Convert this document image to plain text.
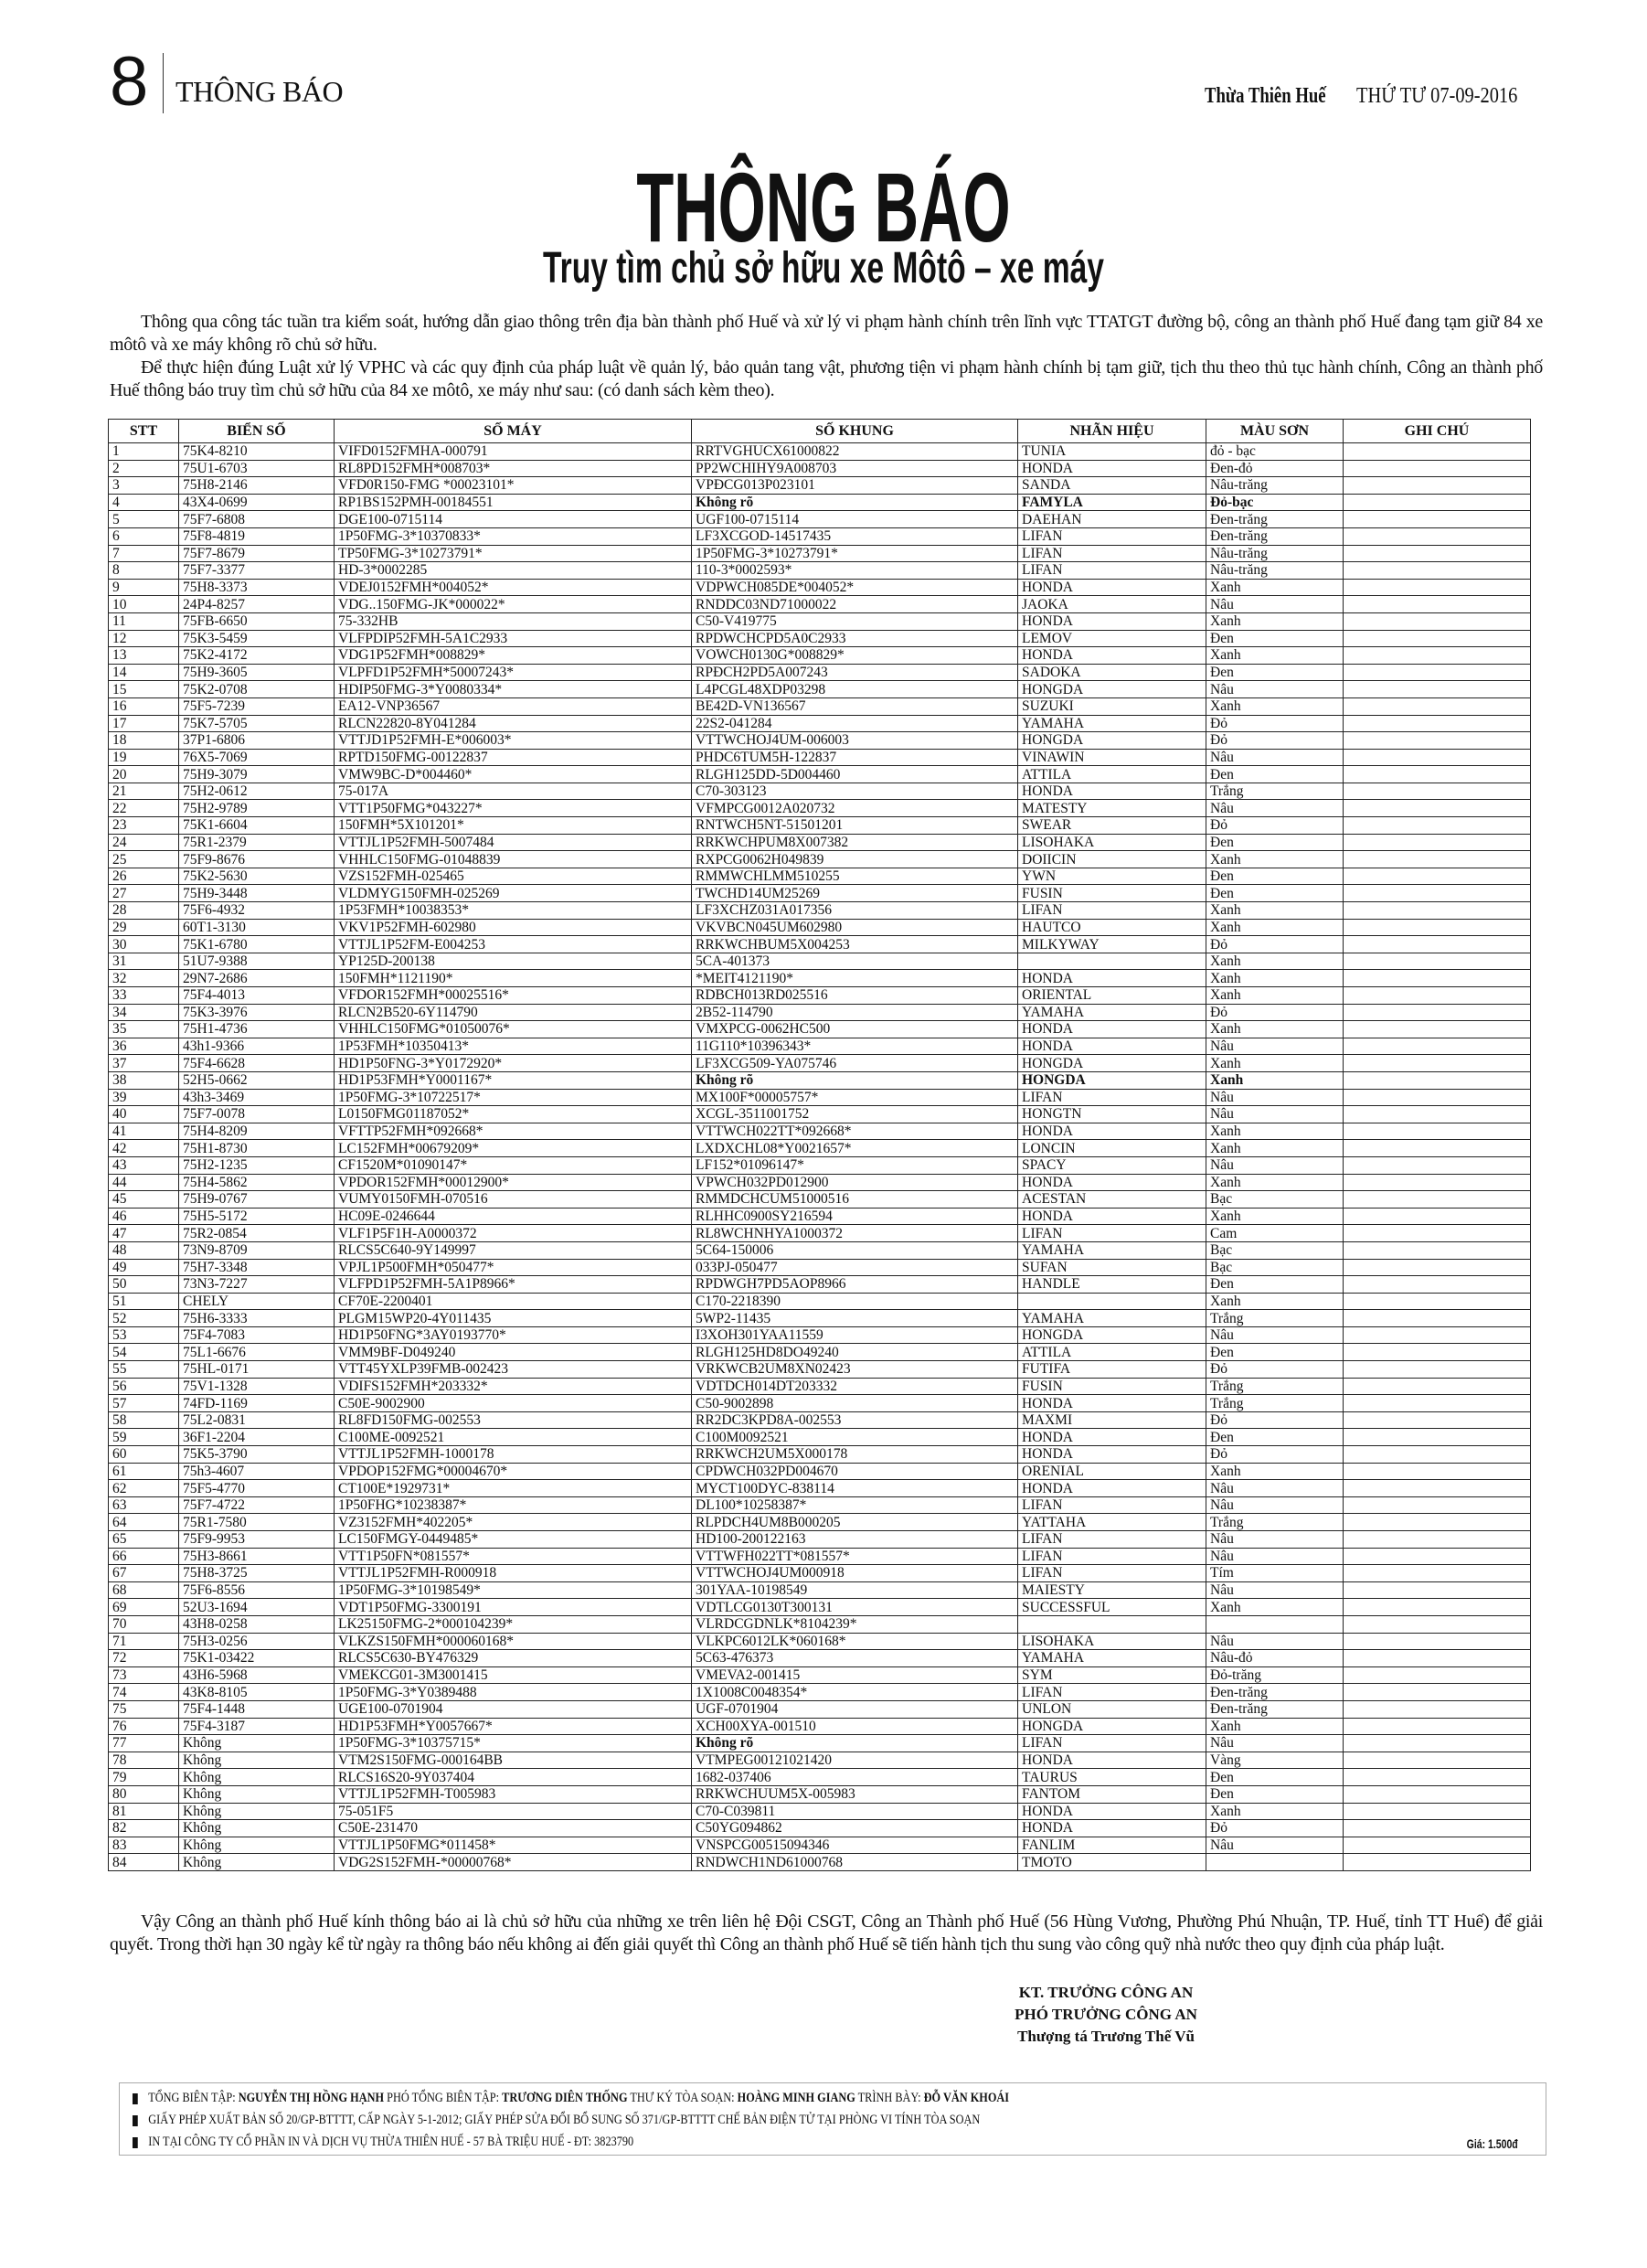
8 THÔNG BÁO	Thừa Thiên Huế THỨ TƯ 07-09-2016
THÔNG BÁO
Truy tìm chủ sở hữu xe Môtô – xe máy
Thông qua công tác tuần tra kiểm soát, hướng dẫn giao thông trên địa bàn thành phố Huế và xử lý vi phạm hành chính trên lĩnh vực TTATGT đường bộ, công an thành phố Huế đang tạm giữ 84 xe môtô và xe máy không rõ chủ sở hữu.
Để thực hiện đúng Luật xử lý VPHC và các quy định của pháp luật về quản lý, bảo quản tang vật, phương tiện vi phạm hành chính bị tạm giữ, tịch thu theo thủ tục hành chính, Công an thành phố Huế thông báo truy tìm chủ sở hữu của 84 xe môtô, xe máy như sau: (có danh sách kèm theo).
STT	BIỂN SỐ	SỐ MÁY	SỐ KHUNG	NHÃN HIỆU	MÀU SƠN	GHI CHÚ
1	75K4-8210	VIFD0152FMHA-000791	RRTVGHUCX61000822	TUNIA	đỏ - bạc	
2	75U1-6703	RL8PD152FMH*008703*	PP2WCHIHY9A008703	HONDA	Đen-đỏ	
3	75H8-2146	VFD0R150-FMG *00023101*	VPĐCG013P023101	SANDA	Nâu-trăng	
4	43X4-0699	RP1BS152PMH-00184551	Không rõ	FAMYLA	Đỏ-bạc	
5	75F7-6808	DGE100-0715114	UGF100-0715114	DAEHAN	Đen-trăng	
6	75F8-4819	1P50FMG-3*10370833*	LF3XCGOD-14517435	LIFAN	Đen-trăng	
7	75F7-8679	TP50FMG-3*10273791*	1P50FMG-3*10273791*	LIFAN	Nâu-trăng	
8	75F7-3377	HD-3*0002285	110-3*0002593*	LIFAN	Nâu-trăng	
9	75H8-3373	VDEJ0152FMH*004052*	VDPWCH085DE*004052*	HONDA	Xanh	
10	24P4-8257	VDG..150FMG-JK*000022*	RNDDC03ND71000022	JAOKA	Nâu	
11	75FB-6650	75-332HB	C50-V419775	HONDA	Xanh	
12	75K3-5459	VLFPDIP52FMH-5A1C2933	RPDWCHCPD5A0C2933	LEMOV	Đen	
13	75K2-4172	VDG1P52FMH*008829*	VOWCH0130G*008829*	HONDA	Xanh	
14	75H9-3605	VLPFD1P52FMH*50007243*	RPĐCH2PD5A007243	SADOKA	Đen	
15	75K2-0708	HDIP50FMG-3*Y0080334*	L4PCGL48XDP03298	HONGDA	Nâu	
16	75F5-7239	EA12-VNP36567	BE42D-VN136567	SUZUKI	Xanh	
17	75K7-5705	RLCN22820-8Y041284	22S2-041284	YAMAHA	Đỏ	
18	37P1-6806	VTTJD1P52FMH-E*006003*	VTTWCHOJ4UM-006003	HONGDA	Đỏ	
19	76X5-7069	RPTD150FMG-00122837	PHDC6TUM5H-122837	VINAWIN	Nâu	
20	75H9-3079	VMW9BC-D*004460*	RLGH125DD-5D004460	ATTILA	Đen	
21	75H2-0612	75-017A	C70-303123	HONDA	Trắng	
22	75H2-9789	VTT1P50FMG*043227*	VFMPCG0012A020732	MATESTY	Nâu	
23	75K1-6604	150FMH*5X101201*	RNTWCH5NT-51501201	SWEAR	Đỏ	
24	75R1-2379	VTTJL1P52FMH-5007484	RRKWCHPUM8X007382	LISOHAKA	Đen	
25	75F9-8676	VHHLC150FMG-01048839	RXPCG0062H049839	DOIICIN	Xanh	
26	75K2-5630	VZS152FMH-025465	RMMWCHLMM510255	YWN	Đen	
27	75H9-3448	VLDMYG150FMH-025269	TWCHD14UM25269	FUSIN	Đen	
28	75F6-4932	1P53FMH*10038353*	LF3XCHZ031A017356	LIFAN	Xanh	
29	60T1-3130	VKV1P52FMH-602980	VKVBCN045UM602980	HAUTCO	Xanh	
30	75K1-6780	VTTJL1P52FM-E004253	RRKWCHBUM5X004253	MILKYWAY	Đỏ	
31	51U7-9388	YP125D-200138	5CA-401373		Xanh	
32	29N7-2686	150FMH*1121190*	*MEIT4121190*	HONDA	Xanh	
33	75F4-4013	VFDOR152FMH*00025516*	RDBCH013RD025516	ORIENTAL	Xanh	
34	75K3-3976	RLCN2B520-6Y114790	2B52-114790	YAMAHA	Đỏ	
35	75H1-4736	VHHLC150FMG*01050076*	VMXPCG-0062HC500	HONDA	Xanh	
36	43h1-9366	1P53FMH*10350413*	11G110*10396343*	HONDA	Nâu	
37	75F4-6628	HD1P50FNG-3*Y0172920*	LF3XCG509-YA075746	HONGDA	Xanh	
38	52H5-0662	HD1P53FMH*Y0001167*	Không rõ	HONGDA	Xanh	
39	43h3-3469	1P50FMG-3*10722517*	MX100F*00005757*	LIFAN	Nâu	
40	75F7-0078	L0150FMG01187052*	XCGL-3511001752	HONGTN	Nâu	
41	75H4-8209	VFTTP52FMH*092668*	VTTWCH022TT*092668*	HONDA	Xanh	
42	75H1-8730	LC152FMH*00679209*	LXDXCHL08*Y0021657*	LONCIN	Xanh	
43	75H2-1235	CF1520M*01090147*	LF152*01096147*	SPACY	Nâu	
44	75H4-5862	VPDOR152FMH*00012900*	VPWCH032PD012900	HONDA	Xanh	
45	75H9-0767	VUMY0150FMH-070516	RMMDCHCUM51000516	ACESTAN	Bạc	
46	75H5-5172	HC09E-0246644	RLHHC0900SY216594	HONDA	Xanh	
47	75R2-0854	VLF1P5F1H-A0000372	RL8WCHNHYA1000372	LIFAN	Cam	
48	73N9-8709	RLCS5C640-9Y149997	5C64-150006	YAMAHA	Bạc	
49	75H7-3348	VPJL1P500FMH*050477*	033PJ-050477	SUFAN	Bạc	
50	73N3-7227	VLFPD1P52FMH-5A1P8966*	RPDWGH7PD5AOP8966	HANDLE	Đen	
51	CHELY	CF70E-2200401	C170-2218390		Xanh	
52	75H6-3333	PLGM15WP20-4Y011435	5WP2-11435	YAMAHA	Trắng	
53	75F4-7083	HD1P50FNG*3AY0193770*	I3XOH301YAA11559	HONGDA	Nâu	
54	75L1-6676	VMM9BF-D049240	RLGH125HD8DO49240	ATTILA	Đen	
55	75HL-0171	VTT45YXLP39FMB-002423	VRKWCB2UM8XN02423	FUTIFA	Đỏ	
56	75V1-1328	VDIFS152FMH*203332*	VDTDCH014DT203332	FUSIN	Trắng	
57	74FD-1169	C50E-9002900	C50-9002898	HONDA	Trắng	
58	75L2-0831	RL8FD150FMG-002553	RR2DC3KPD8A-002553	MAXMI	Đỏ	
59	36F1-2204	C100ME-0092521	C100M0092521	HONDA	Đen	
60	75K5-3790	VTTJL1P52FMH-1000178	RRKWCH2UM5X000178	HONDA	Đỏ	
61	75h3-4607	VPDOP152FMG*00004670*	CPDWCH032PD004670	ORENIAL	Xanh	
62	75F5-4770	CT100E*1929731*	MYCT100DYC-838114	HONDA	Nâu	
63	75F7-4722	1P50FHG*10238387*	DL100*10258387*	LIFAN	Nâu	
64	75R1-7580	VZ3152FMH*402205*	RLPDCH4UM8B000205	YATTAHA	Trắng	
65	75F9-9953	LC150FMGY-0449485*	HD100-200122163	LIFAN	Nâu	
66	75H3-8661	VTT1P50FN*081557*	VTTWFH022TT*081557*	LIFAN	Nâu	
67	75H8-3725	VTTJL1P52FMH-R000918	VTTWCHOJ4UM000918	LIFAN	Tím	
68	75F6-8556	1P50FMG-3*10198549*	301YAA-10198549	MAIESTY	Nâu	
69	52U3-1694	VDT1P50FMG-3300191	VDTLCG0130T300131	SUCCESSFUL	Xanh	
70	43H8-0258	LK25150FMG-2*000104239*	VLRDCGDNLK*8104239*			
71	75H3-0256	VLKZS150FMH*000060168*	VLKPC6012LK*060168*	LISOHAKA	Nâu	
72	75K1-03422	RLCS5C630-BY476329	5C63-476373	YAMAHA	Nâu-đỏ	
73	43H6-5968	VMEKCG01-3M3001415	VMEVA2-001415	SYM	Đỏ-trăng	
74	43K8-8105	1P50FMG-3*Y0389488	1X1008C0048354*	LIFAN	Đen-trăng	
75	75F4-1448	UGE100-0701904	UGF-0701904	UNLON	Đen-trăng	
76	75F4-3187	HD1P53FMH*Y0057667*	XCH00XYA-001510	HONGDA	Xanh	
77	Không	1P50FMG-3*10375715*	Không rõ	LIFAN	Nâu	
78	Không	VTM2S150FMG-000164BB	VTMPEG00121021420	HONDA	Vàng	
79	Không	RLCS16S20-9Y037404	1682-037406	TAURUS	Đen	
80	Không	VTTJL1P52FMH-T005983	RRKWCHUUM5X-005983	FANTOM	Đen	
81	Không	75-051F5	C70-C039811	HONDA	Xanh	
82	Không	C50E-231470	C50YG094862	HONDA	Đỏ	
83	Không	VTTJL1P50FMG*011458*	VNSPCG00515094346	FANLIM	Nâu	
84	Không	VDG2S152FMH-*00000768*	RNDWCH1ND61000768	TMOTO		
Vậy Công an thành phố Huế kính thông báo ai là chủ sở hữu của những xe trên liên hệ Đội CSGT, Công an Thành phố Huế (56 Hùng Vương, Phường Phú Nhuận, TP. Huế, tỉnh TT Huế) để giải quyết. Trong thời hạn 30 ngày kể từ ngày ra thông báo nếu không ai đến giải quyết thì Công an thành phố Huế sẽ tiến hành tịch thu sung vào công quỹ nhà nước theo quy định của pháp luật.
KT. TRƯỞNG CÔNG AN
PHÓ TRƯỞNG CÔNG AN
Thượng tá Trương Thế Vũ
TỔNG BIÊN TẬP: NGUYỄN THỊ HỒNG HẠNH PHÓ TỔNG BIÊN TẬP: TRƯƠNG DIÊN THỐNG THƯ KÝ TÒA SOẠN: HOÀNG MINH GIANG TRÌNH BÀY: ĐỖ VĂN KHOÁI
GIẤY PHÉP XUẤT BẢN SỐ 20/GP-BTTTT, CẤP NGÀY 5-1-2012; GIẤY PHÉP SỬA ĐỔI BỔ SUNG SỐ 371/GP-BTTTT CHẾ BẢN ĐIỆN TỬ TẠI PHÒNG VI TÍNH TÒA SOẠN
IN TẠI CÔNG TY CỔ PHẦN IN VÀ DỊCH VỤ THỪA THIÊN HUẾ - 57 BÀ TRIỆU HUẾ - ĐT: 3823790	Giá: 1.500đ
